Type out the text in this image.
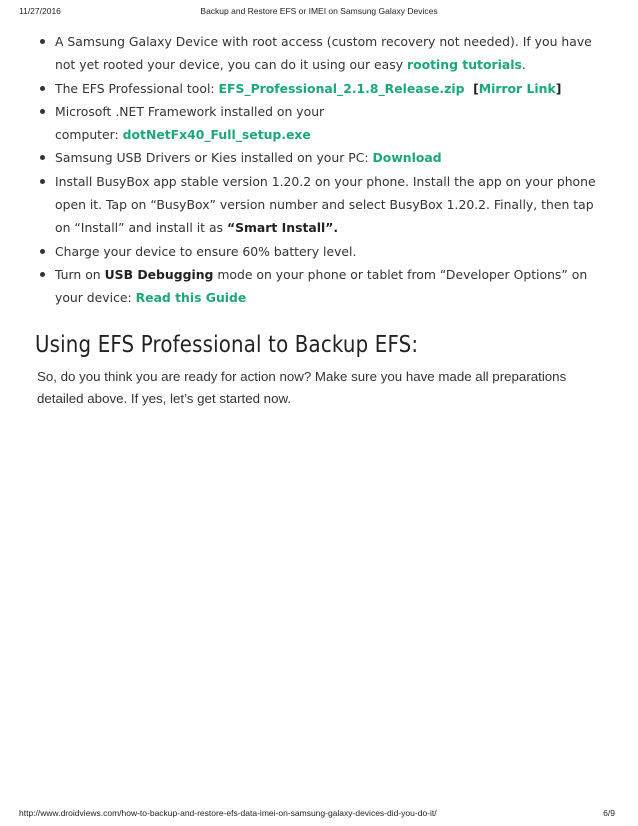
11/27/2016	Backup and Restore EFS or IMEI on Samsung Galaxy Devices
A Samsung Galaxy Device with root access (custom recovery not needed). If you have not yet rooted your device, you can do it using our easy rooting tutorials.
The EFS Professional tool: EFS_Professional_2.1.8_Release.zip  [Mirror Link]
Microsoft .NET Framework installed on your
computer: dotNetFx40_Full_setup.exe
Samsung USB Drivers or Kies installed on your PC: Download
Install BusyBox app stable version 1.20.2 on your phone. Install the app on your phone open it. Tap on “BusyBox” version number and select BusyBox 1.20.2. Finally, then tap on “Install” and install it as “Smart Install”.
Charge your device to ensure 60% battery level.
Turn on USB Debugging mode on your phone or tablet from “Developer Options” on your device: Read this Guide
Using EFS Professional to Backup EFS:

So, do you think you are ready for action now? Make sure you have made all preparations detailed above. If yes, let’s get started now.

http://www.droidviews.com/how-to-backup-and-restore-efs-data-imei-on-samsung-galaxy-devices-did-you-do-it/	6/9
